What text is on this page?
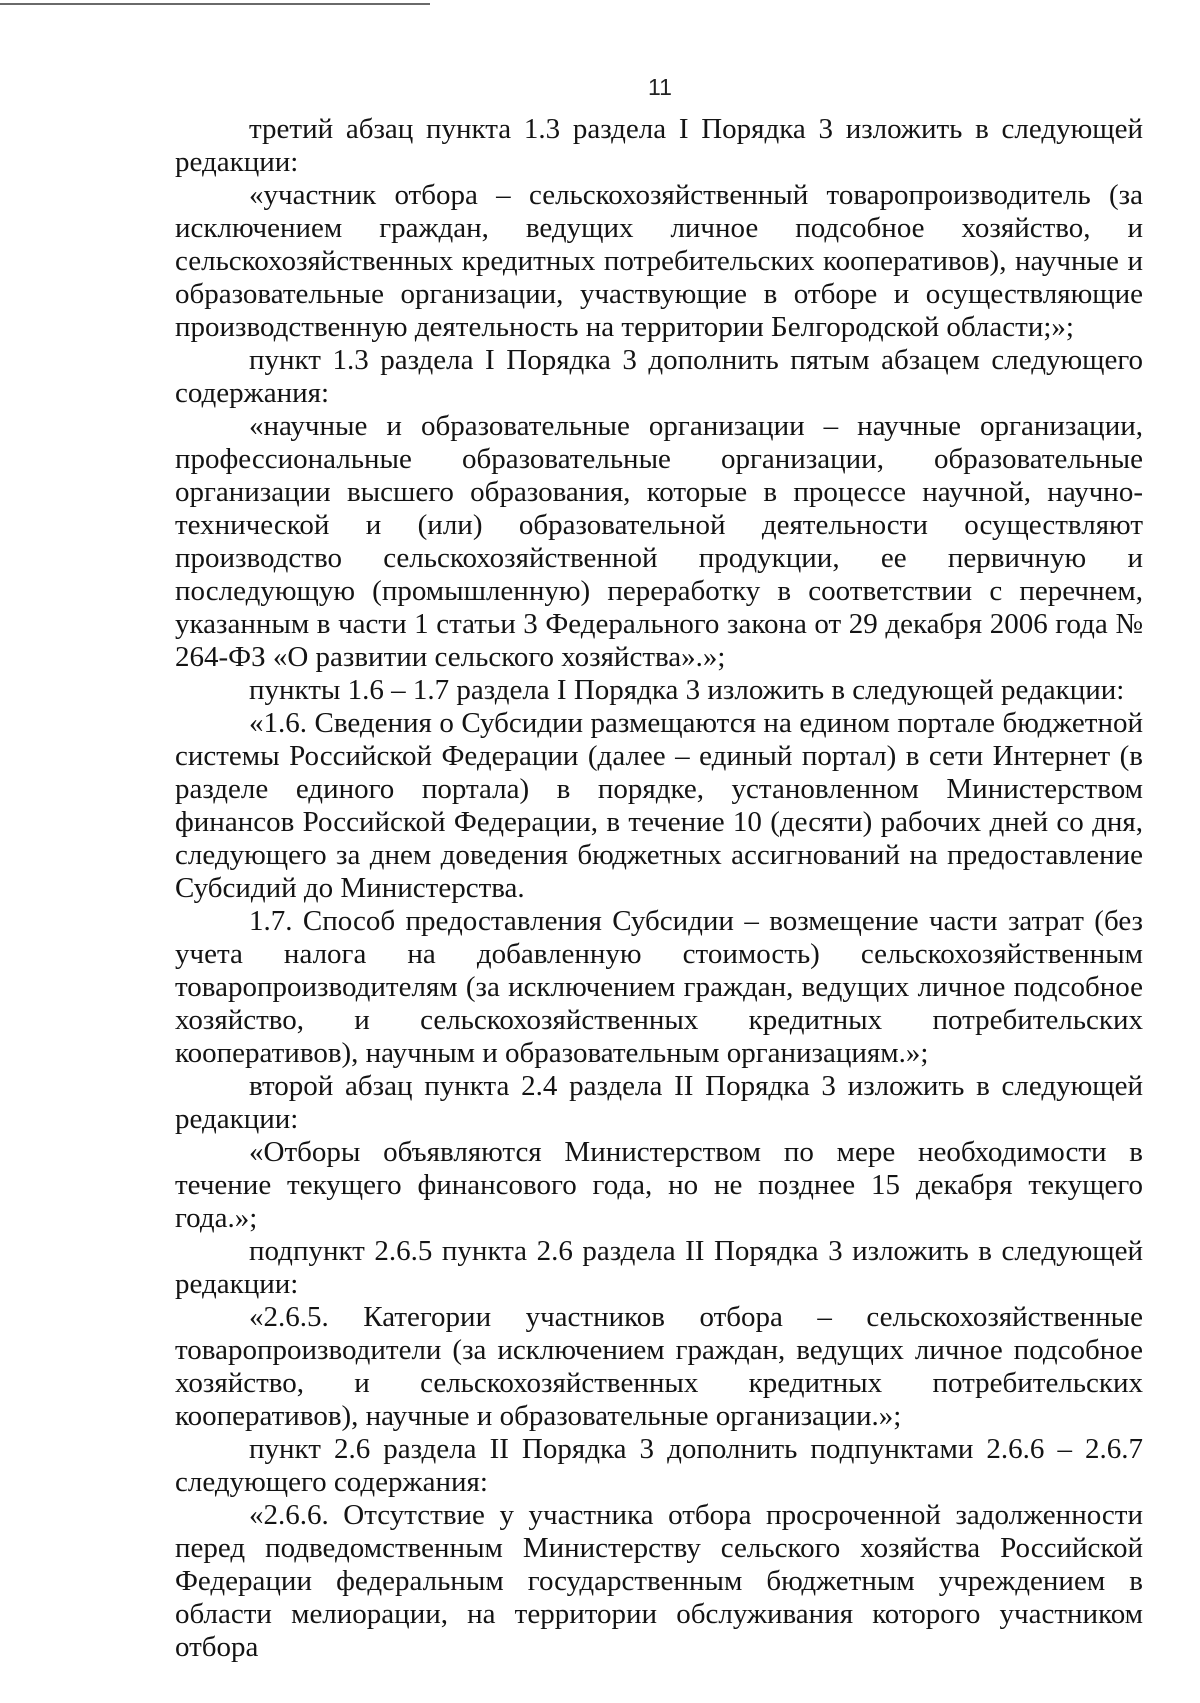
11

третий абзац пункта 1.3 раздела I Порядка 3 изложить в следующей редакции:

«участник отбора – сельскохозяйственный товаропроизводитель (за исключением граждан, ведущих личное подсобное хозяйство, и сельскохозяйственных кредитных потребительских кооперативов), научные и образовательные организации, участвующие в отборе и осуществляющие производственную деятельность на территории Белгородской области;»;

пункт 1.3 раздела I Порядка 3 дополнить пятым абзацем следующего содержания:

«научные и образовательные организации – научные организации, профессиональные образовательные организации, образовательные организации высшего образования, которые в процессе научной, научно-технической и (или) образовательной деятельности осуществляют производство сельскохозяйственной продукции, ее первичную и последующую (промышленную) переработку в соответствии с перечнем, указанным в части 1 статьи 3 Федерального закона от 29 декабря 2006 года № 264-ФЗ «О развитии сельского хозяйства».»;

пункты 1.6 – 1.7 раздела I Порядка 3 изложить в следующей редакции:

«1.6. Сведения о Субсидии размещаются на едином портале бюджетной системы Российской Федерации (далее – единый портал) в сети Интернет (в разделе единого портала) в порядке, установленном Министерством финансов Российской Федерации, в течение 10 (десяти) рабочих дней со дня, следующего за днем доведения бюджетных ассигнований на предоставление Субсидий до Министерства.

1.7. Способ предоставления Субсидии – возмещение части затрат (без учета налога на добавленную стоимость) сельскохозяйственным товаропроизводителям (за исключением граждан, ведущих личное подсобное хозяйство, и сельскохозяйственных кредитных потребительских кооперативов), научным и образовательным организациям.»;

второй абзац пункта 2.4 раздела II Порядка 3 изложить в следующей редакции:

«Отборы объявляются Министерством по мере необходимости в течение текущего финансового года, но не позднее 15 декабря текущего года.»;

подпункт 2.6.5 пункта 2.6 раздела II Порядка 3 изложить в следующей редакции:

«2.6.5. Категории участников отбора – сельскохозяйственные товаропроизводители (за исключением граждан, ведущих личное подсобное хозяйство, и сельскохозяйственных кредитных потребительских кооперативов), научные и образовательные организации.»;

пункт 2.6 раздела II Порядка 3 дополнить подпунктами 2.6.6 – 2.6.7 следующего содержания:

«2.6.6. Отсутствие у участника отбора просроченной задолженности перед подведомственным Министерству сельского хозяйства Российской Федерации федеральным государственным бюджетным учреждением в области мелиорации, на территории обслуживания которого участником отбора
